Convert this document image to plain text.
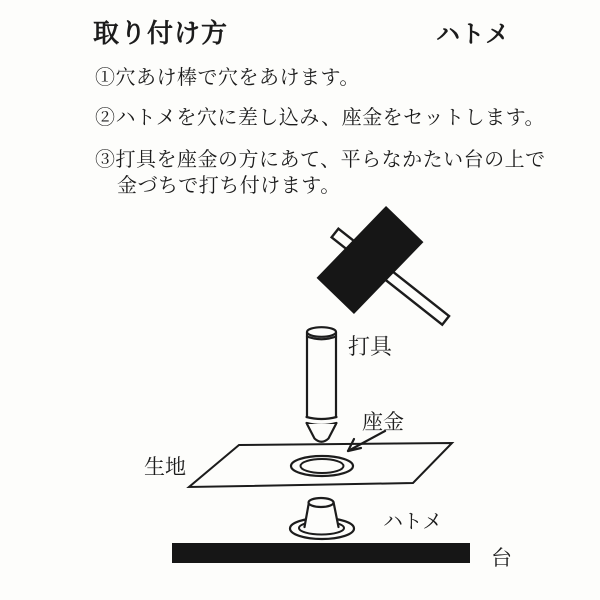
取り付け方	ハトメ
①穴あけ棒で穴をあけます。
②ハトメを穴に差し込み、座金をセットします。
③打具を座金の方にあて、平らなかたい台の上で
金づちで打ち付けます。
打具
座金
生地
ハトメ
台
